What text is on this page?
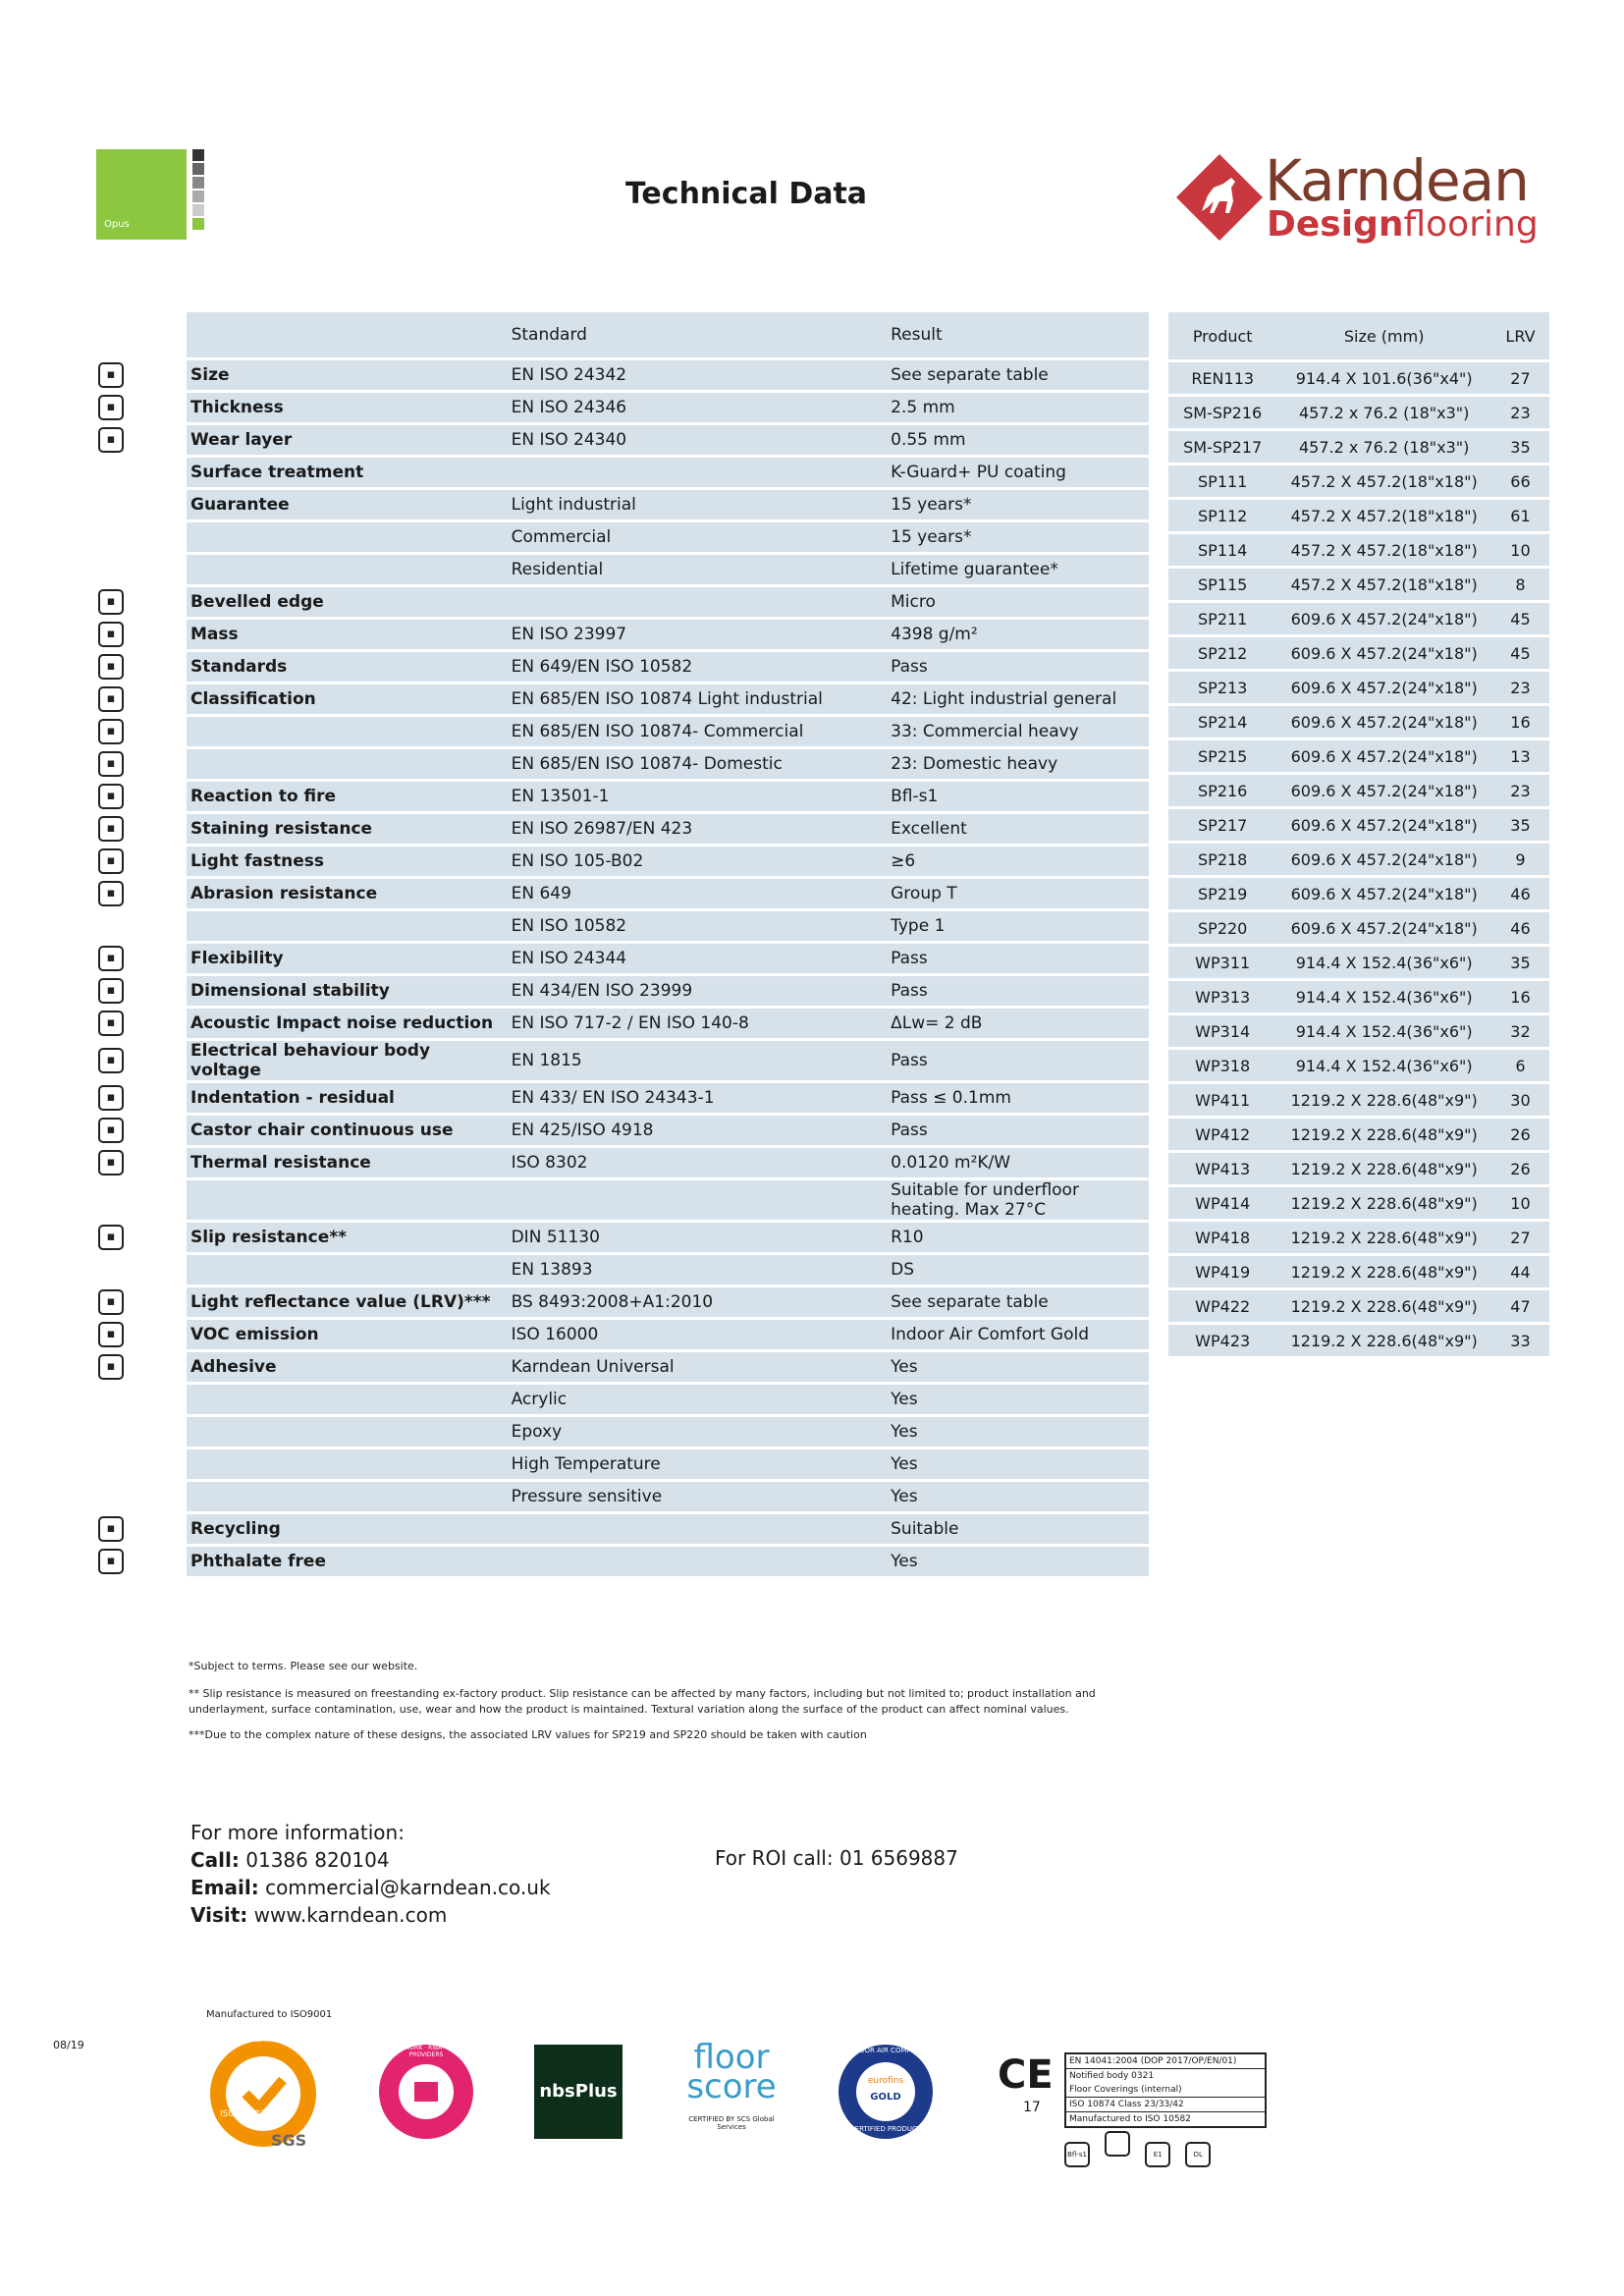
Opus
Technical Data	Karndean
Designflooring
	Standard	Result
Size	EN ISO 24342	See separate table
Thickness	EN ISO 24346	2.5 mm
Wear layer	EN ISO 24340	0.55 mm
Surface treatment		K-Guard+ PU coating
Guarantee	Light industrial	15 years*
	Commercial	15 years*
	Residential	Lifetime guarantee*
Bevelled edge		Micro
Mass	EN ISO 23997	4398 g/m²
Standards	EN 649/EN ISO 10582	Pass
Classification	EN 685/EN ISO 10874 Light industrial	42: Light industrial general
	EN 685/EN ISO 10874- Commercial	33: Commercial heavy
	EN 685/EN ISO 10874- Domestic	23: Domestic heavy
Reaction to fire	EN 13501-1	Bfl-s1
Staining resistance	EN ISO 26987/EN 423	Excellent
Light fastness	EN ISO 105-B02	≥6
Abrasion resistance	EN 649	Group T
	EN ISO 10582	Type 1
Flexibility	EN ISO 24344	Pass
Dimensional stability	EN 434/EN ISO 23999	Pass
Acoustic Impact noise reduction	EN ISO 717-2 / EN ISO 140-8	ΔLw= 2 dB
Electrical behaviour body voltage	EN 1815	Pass
Indentation - residual	EN 433/ EN ISO 24343-1	Pass ≤ 0.1mm
Castor chair continuous use	EN 425/ISO 4918	Pass
Thermal resistance	ISO 8302	0.0120 m²K/W
		Suitable for underfloor heating. Max 27°C
Slip resistance**	DIN 51130	R10
	EN 13893	DS
Light reflectance value (LRV)***	BS 8493:2008+A1:2010	See separate table
VOC emission	ISO 16000	Indoor Air Comfort Gold
Adhesive	Karndean Universal	Yes
	Acrylic	Yes
	Epoxy	Yes
	High Temperature	Yes
	Pressure sensitive	Yes
Recycling		Suitable
Phthalate free		Yes
Product	Size (mm)	LRV
REN113	914.4 X 101.6(36"x4")	27
SM-SP216	457.2 x 76.2 (18"x3")	23
SM-SP217	457.2 x 76.2 (18"x3")	35
SP111	457.2 X 457.2(18"x18")	66
SP112	457.2 X 457.2(18"x18")	61
SP114	457.2 X 457.2(18"x18")	10
SP115	457.2 X 457.2(18"x18")	8
SP211	609.6 X 457.2(24"x18")	45
SP212	609.6 X 457.2(24"x18")	45
SP213	609.6 X 457.2(24"x18")	23
SP214	609.6 X 457.2(24"x18")	16
SP215	609.6 X 457.2(24"x18")	13
SP216	609.6 X 457.2(24"x18")	23
SP217	609.6 X 457.2(24"x18")	35
SP218	609.6 X 457.2(24"x18")	9
SP219	609.6 X 457.2(24"x18")	46
SP220	609.6 X 457.2(24"x18")	46
WP311	914.4 X 152.4(36"x6")	35
WP313	914.4 X 152.4(36"x6")	16
WP314	914.4 X 152.4(36"x6")	32
WP318	914.4 X 152.4(36"x6")	6
WP411	1219.2 X 228.6(48"x9")	30
WP412	1219.2 X 228.6(48"x9")	26
WP413	1219.2 X 228.6(48"x9")	26
WP414	1219.2 X 228.6(48"x9")	10
WP418	1219.2 X 228.6(48"x9")	27
WP419	1219.2 X 228.6(48"x9")	44
WP422	1219.2 X 228.6(48"x9")	47
WP423	1219.2 X 228.6(48"x9")	33
*Subject to terms. Please see our website.
** Slip resistance is measured on freestanding ex-factory product. Slip resistance can be affected by many factors, including but not limited to; product installation and
underlayment, surface contamination, use, wear and how the product is maintained. Textural variation along the surface of the product can affect nominal values.
***Due to the complex nature of these designs, the associated LRV values for SP219 and SP220 should be taken with caution
For more information:
Call: 01386 820104
Email: commercial@karndean.co.uk
Visit: www.karndean.com
For ROI call: 01 6569887
Manufactured to ISO9001
08/19	SYSTEM CERTIFICATION
ISO 14001
SGS
NETWORK · RIBA · CPD PROVIDERS
nbsPlus
floor
score
CERTIFIED BY SCS Global Services
INDOOR AIR COMFORT
eurofins
GOLD
CERTIFIED PRODUCT
CE
17
EN 14041:2004 (DOP 2017/OP/EN/01)
Notified body 0321
Floor Coverings (internal)
ISO 10874 Class 23/33/42
Manufactured to ISO 10582
Bfl-s1	E1	DL
▪
▪
▪
▪
▪
▪
▪
▪
▪
▪
▪
▪
▪
▪
▪
▪
▪
▪
▪
▪
▪
▪
▪
▪
▪
▪
